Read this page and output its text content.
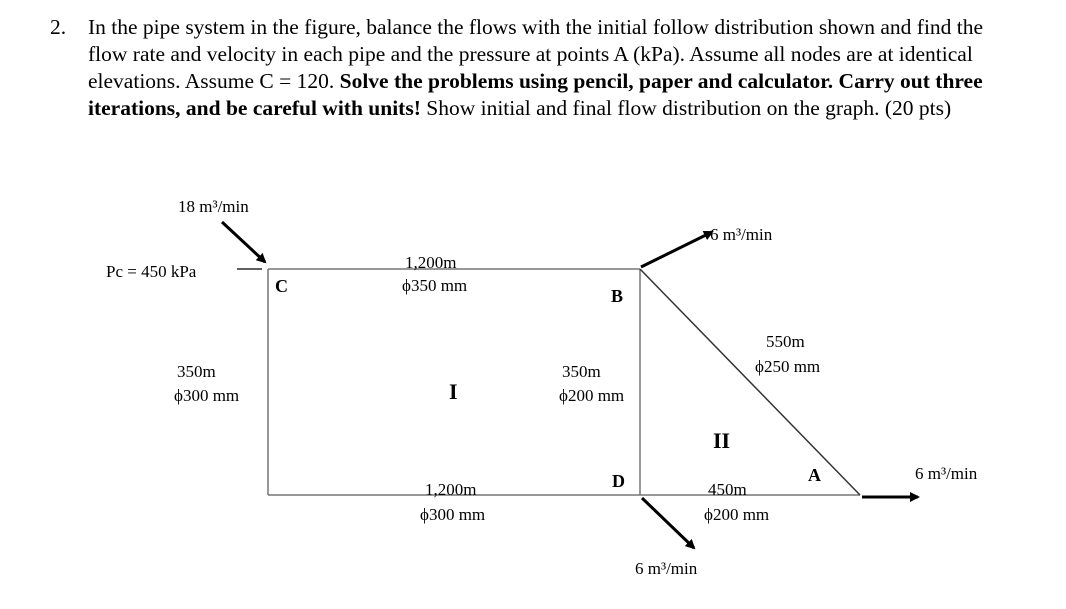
2. In the pipe system in the figure, balance the flows with the initial follow distribution shown and find the flow rate and velocity in each pipe and the pressure at points A (kPa). Assume all nodes are at identical elevations. Assume C = 120. Solve the problems using pencil, paper and calculator. Carry out three iterations, and be careful with units! Show initial and final flow distribution on the graph. (20 pts)
18 m³/min
Pc = 450 kPa
C	B
D	A
I
II
1,200m
ϕ350 mm
350m
ϕ300 mm
350m
ϕ200 mm
1,200m
ϕ300 mm
550m
ϕ250 mm
450m
ϕ200 mm
6 m³/min
6 m³/min
6 m³/min
